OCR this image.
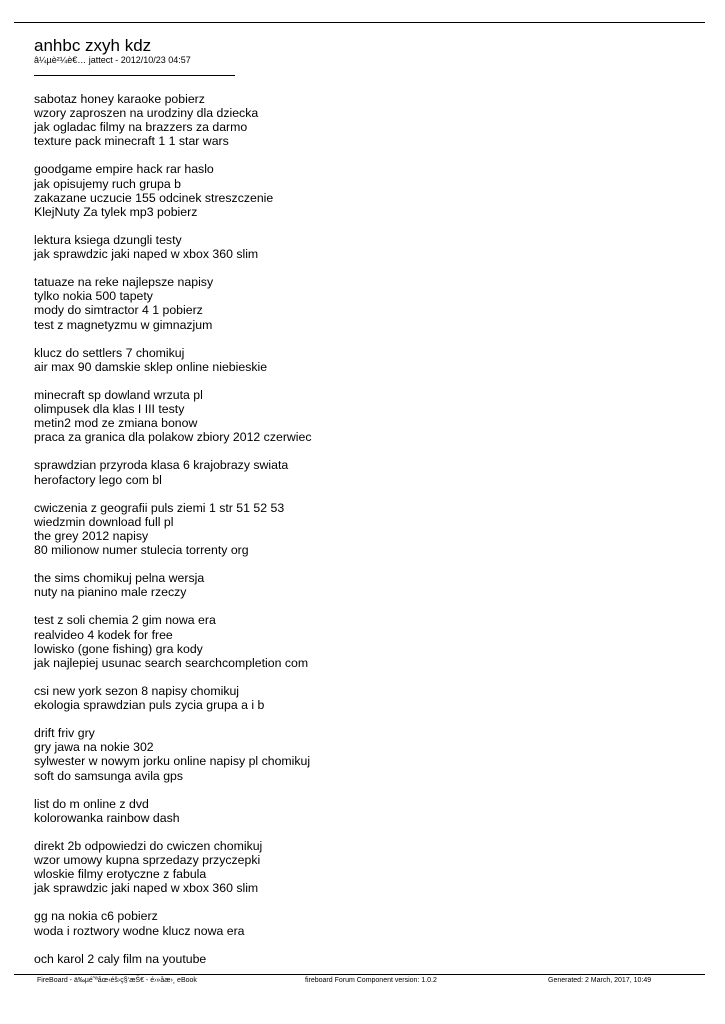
anhbc zxyh kdz
â¼µè²¼è€… jattect - 2012/10/23 04:57
sabotaz honey karaoke pobierz
wzory zaproszen na urodziny dla dziecka
jak ogladac filmy na brazzers za darmo
texture pack minecraft 1 1 star wars
goodgame empire hack rar haslo
jak opisujemy ruch grupa b
zakazane uczucie 155 odcinek streszczenie
KlejNuty Za tylek mp3 pobierz
lektura ksiega dzungli testy
jak sprawdzic jaki naped w xbox 360 slim
tatuaze na reke najlepsze napisy
tylko nokia 500 tapety
mody do simtractor 4 1 pobierz
test z magnetyzmu w gimnazjum
klucz do settlers 7 chomikuj
air max 90 damskie sklep online niebieskie
minecraft sp dowland wrzuta pl
olimpusek dla klas I III testy
metin2 mod ze zmiana bonow
praca za granica dla polakow zbiory 2012 czerwiec
sprawdzian przyroda klasa 6 krajobrazy swiata
herofactory lego com bl
cwiczenia z geografii puls ziemi 1 str 51 52 53
wiedzmin download full pl
the grey 2012 napisy
80 milionow numer stulecia torrenty org
the sims chomikuj pelna wersja
nuty na pianino male rzeczy
test z soli chemia 2 gim nowa era
realvideo 4 kodek for free
lowisko (gone fishing) gra kody
jak najlepiej usunac search searchcompletion com
csi new york sezon 8 napisy chomikuj
ekologia sprawdzian puls zycia grupa a i b
drift friv gry
gry jawa na nokie 302
sylwester w nowym jorku online napisy pl chomikuj
soft do samsunga avila gps
list do m online z dvd
kolorowanka rainbow dash
direkt 2b odpowiedzi do cwiczen chomikuj
wzor umowy kupna sprzedazy przyczepki
wloskie filmy erotyczne z fabula
jak sprawdzic jaki naped w xbox 360 slim
gg na nokia c6 pobierz
woda i roztwory wodne klucz nowa era
och karol 2 caly film na youtube
FireBoard - ä‰µé˜ªåœ‹éš›ç§‘æŠ€ - é›»åæ›¸ eBook	fireboard Forum Component version: 1.0.2	Generated: 2 March, 2017, 10:49
